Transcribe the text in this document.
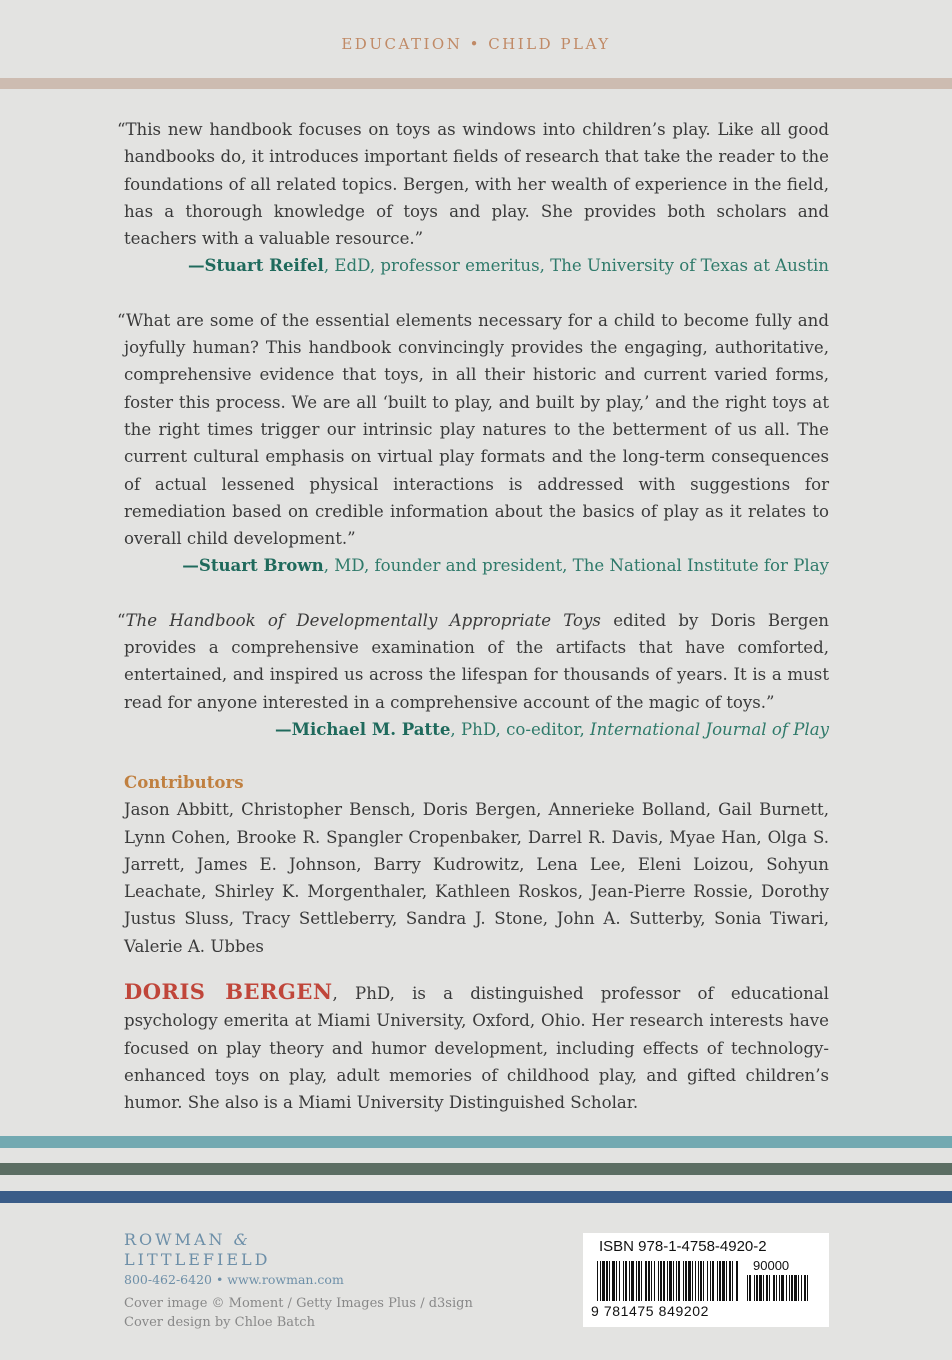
EDUCATION • CHILD PLAY

“This new handbook focuses on toys as windows into children’s play. Like all good handbooks do, it introduces important fields of research that take the reader to the foundations of all related topics. Bergen, with her wealth of experience in the field, has a thorough knowledge of toys and play. She provides both scholars and teachers with a valuable resource.”

—Stuart Reifel, EdD, professor emeritus, The University of Texas at Austin

“What are some of the essential elements necessary for a child to become fully and joyfully human? This handbook convincingly provides the engaging, authoritative, comprehensive evidence that toys, in all their historic and current varied forms, foster this process. We are all ‘built to play, and built by play,’ and the right toys at the right times trigger our intrinsic play natures to the betterment of us all. The current cultural emphasis on virtual play formats and the long-term consequences of actual lessened physical interactions is addressed with suggestions for remediation based on credible information about the basics of play as it relates to overall child development.”

—Stuart Brown, MD, founder and president, The National Institute for Play

“The Handbook of Developmentally Appropriate Toys edited by Doris Bergen provides a comprehensive examination of the artifacts that have comforted, entertained, and inspired us across the lifespan for thousands of years. It is a must read for anyone interested in a comprehensive account of the magic of toys.”

—Michael M. Patte, PhD, co-editor, International Journal of Play

Contributors

Jason Abbitt, Christopher Bensch, Doris Bergen, Annerieke Bolland, Gail Burnett, Lynn Cohen, Brooke R. Spangler Cropenbaker, Darrel R. Davis, Myae Han, Olga S. Jarrett, James E. Johnson, Barry Kudrowitz, Lena Lee, Eleni Loizou, Sohyun Leachate, Shirley K. Morgenthaler, Kathleen Roskos, Jean-Pierre Rossie, Dorothy Justus Sluss, Tracy Settleberry, Sandra J. Stone, John A. Sutterby, Sonia Tiwari, Valerie A. Ubbes

DORIS BERGEN, PhD, is a distinguished professor of educational psychology emerita at Miami University, Oxford, Ohio. Her research interests have focused on play theory and humor development, including effects of technology-enhanced toys on play, adult memories of childhood play, and gifted children’s humor. She also is a Miami University Distinguished Scholar.

ROWMAN &
LITTLEFIELD
800-462-6420 • www.rowman.com
Cover image © Moment / Getty Images Plus / d3sign
Cover design by Chloe Batch
ISBN 978-1-4758-4920-2
90000
9 781475 849202
